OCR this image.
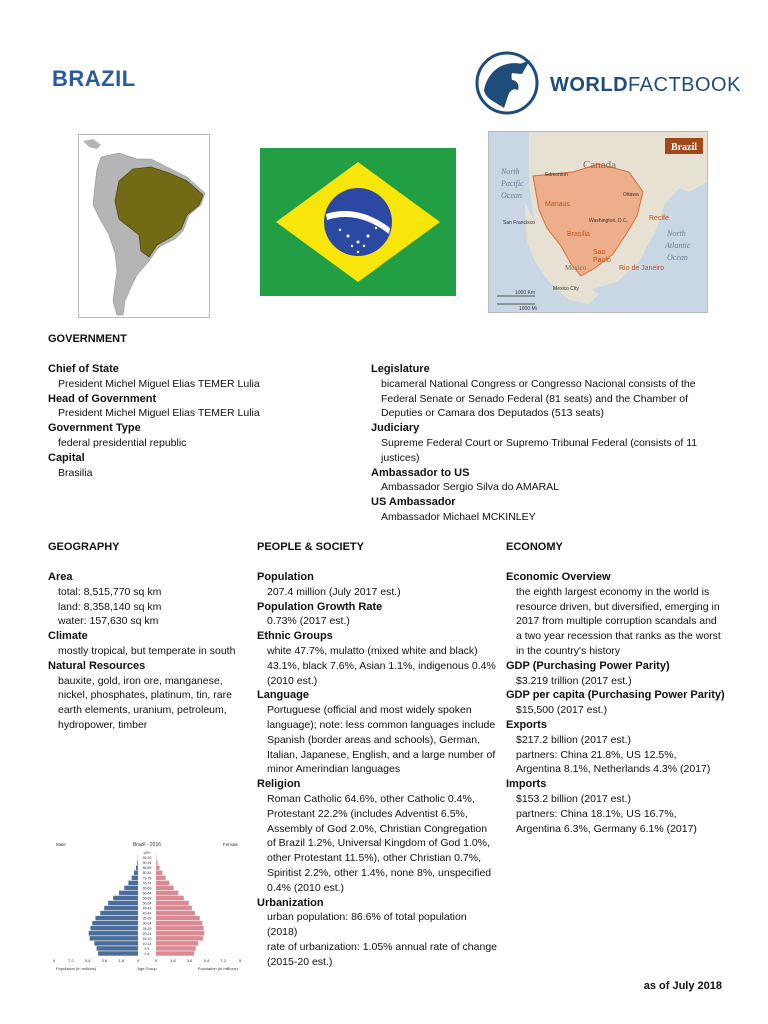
BRAZIL	WORLDFACTBOOK
Brazil
Canada
Edmonton
North
Pacific
Ocean	Ottawa
Manaus
Washington, D.C.	Recife
San Francisco
North
Atlantic
Ocean
Brasilia
Sao
Paulo
Mexico	Rio de Janeiro
Mexico City
1000 Km
1000 Mi
GOVERNMENT
Chief of State
President Michel Miguel Elias TEMER Lulia
Head of Government
President Michel Miguel Elias TEMER Lulia
Government Type
federal presidential republic
Capital
Brasilia
Legislature
bicameral National Congress or Congresso Nacional consists of the
Federal Senate or Senado Federal (81 seats) and the Chamber of
Deputies or Camara dos Deputados (513 seats)
Judiciary
Supreme Federal Court or Supremo Tribunal Federal (consists of 11
justices)
Ambassador to US
Ambassador Sergio Silva do AMARAL
US Ambassador
Ambassador Michael MCKINLEY
GEOGRAPHY	PEOPLE & SOCIETY	ECONOMY
Area
total: 8,515,770 sq km
land: 8,358,140 sq km
water: 157,630 sq km
Climate
mostly tropical, but temperate in south
Natural Resources
bauxite, gold, iron ore, manganese,
nickel, phosphates, platinum, tin, rare
earth elements, uranium, petroleum,
hydropower, timber
Population
207.4 million (July 2017 est.)
Population Growth Rate
0.73% (2017 est.)
Ethnic Groups
white 47.7%, mulatto (mixed white and black)
43.1%, black 7.6%, Asian 1.1%, indigenous 0.4%
(2010 est.)
Language
Portuguese (official and most widely spoken
language); note: less common languages include
Spanish (border areas and schools), German,
Italian, Japanese, English, and a large number of
minor Amerindian languages
Religion
Roman Catholic 64.6%, other Catholic 0.4%,
Protestant 22.2% (includes Adventist 6.5%,
Assembly of God 2.0%, Christian Congregation
of Brazil 1.2%, Universal Kingdom of God 1.0%,
other Protestant 11.5%), other Christian 0.7%,
Spiritist 2.2%, other 1.4%, none 8%, unspecified
0.4% (2010 est.)
Urbanization
urban population: 86.6% of total population
(2018)
rate of urbanization: 1.05% annual rate of change
(2015-20 est.)
Economic Overview
the eighth largest economy in the world is
resource driven, but diversified, emerging in
2017 from multiple corruption scandals and
a two year recession that ranks as the worst
in the country's history
GDP (Purchasing Power Parity)
$3.219 trillion (2017 est.)
GDP per capita (Purchasing Power Parity)
$15,500 (2017 est.)
Exports
$217.2 billion (2017 est.)
partners: China 21.8%, US 12.5%,
Argentina 8.1%, Netherlands 4.3% (2017)
Imports
$153.2 billion (2017 est.)
partners: China 18.1%, US 16.7%,
Argentina 6.3%, Germany 6.1% (2017)
Male	Brazil - 2016	Female
100+
95-99
90-94
85-89
80-84
75-79
70-74
65-69
60-64
55-59
50-54
45-49
40-44
35-39
30-34
25-29
20-24
15-19
10-14
5-9
0-4
9	7.2	5.4	3.6	1.8	0	0	1.8	3.6	5.4	7.2	9
Population (in millions)	Age Group	Population (in millions)
as of July 2018
